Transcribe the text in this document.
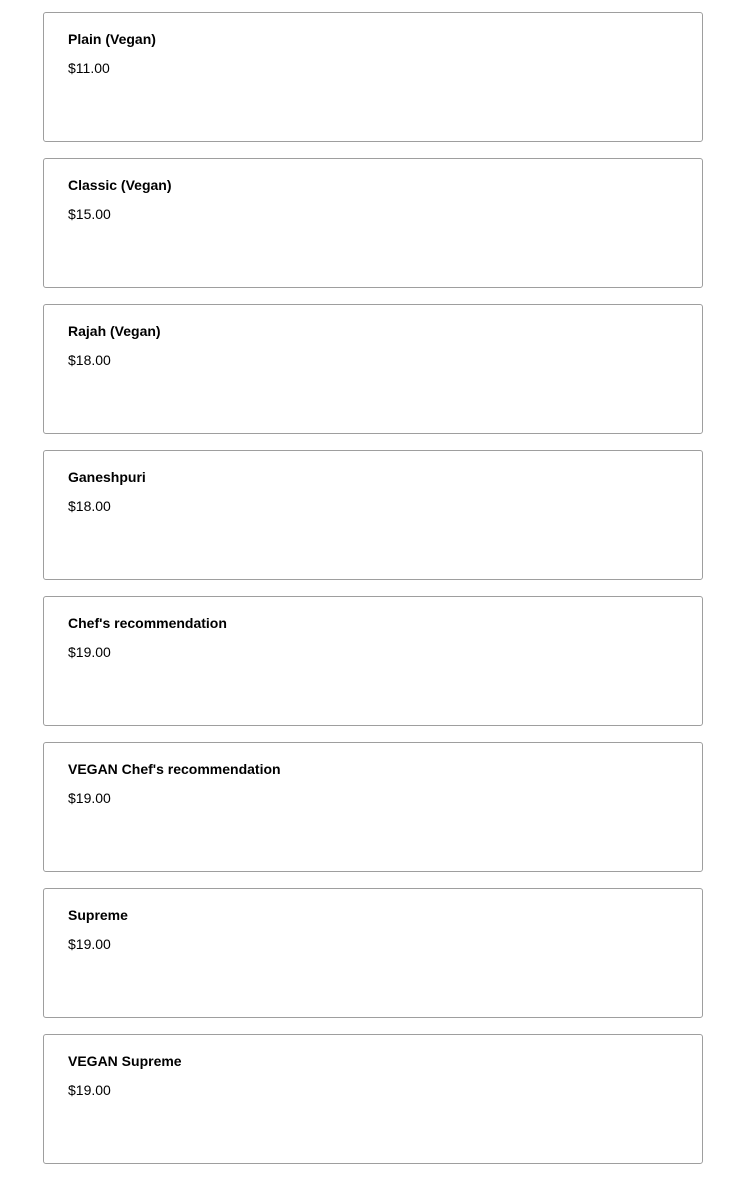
Plain (Vegan)
$11.00
Classic (Vegan)
$15.00
Rajah (Vegan)
$18.00
Ganeshpuri
$18.00
Chef's recommendation
$19.00
VEGAN Chef's recommendation
$19.00
Supreme
$19.00
VEGAN Supreme
$19.00
